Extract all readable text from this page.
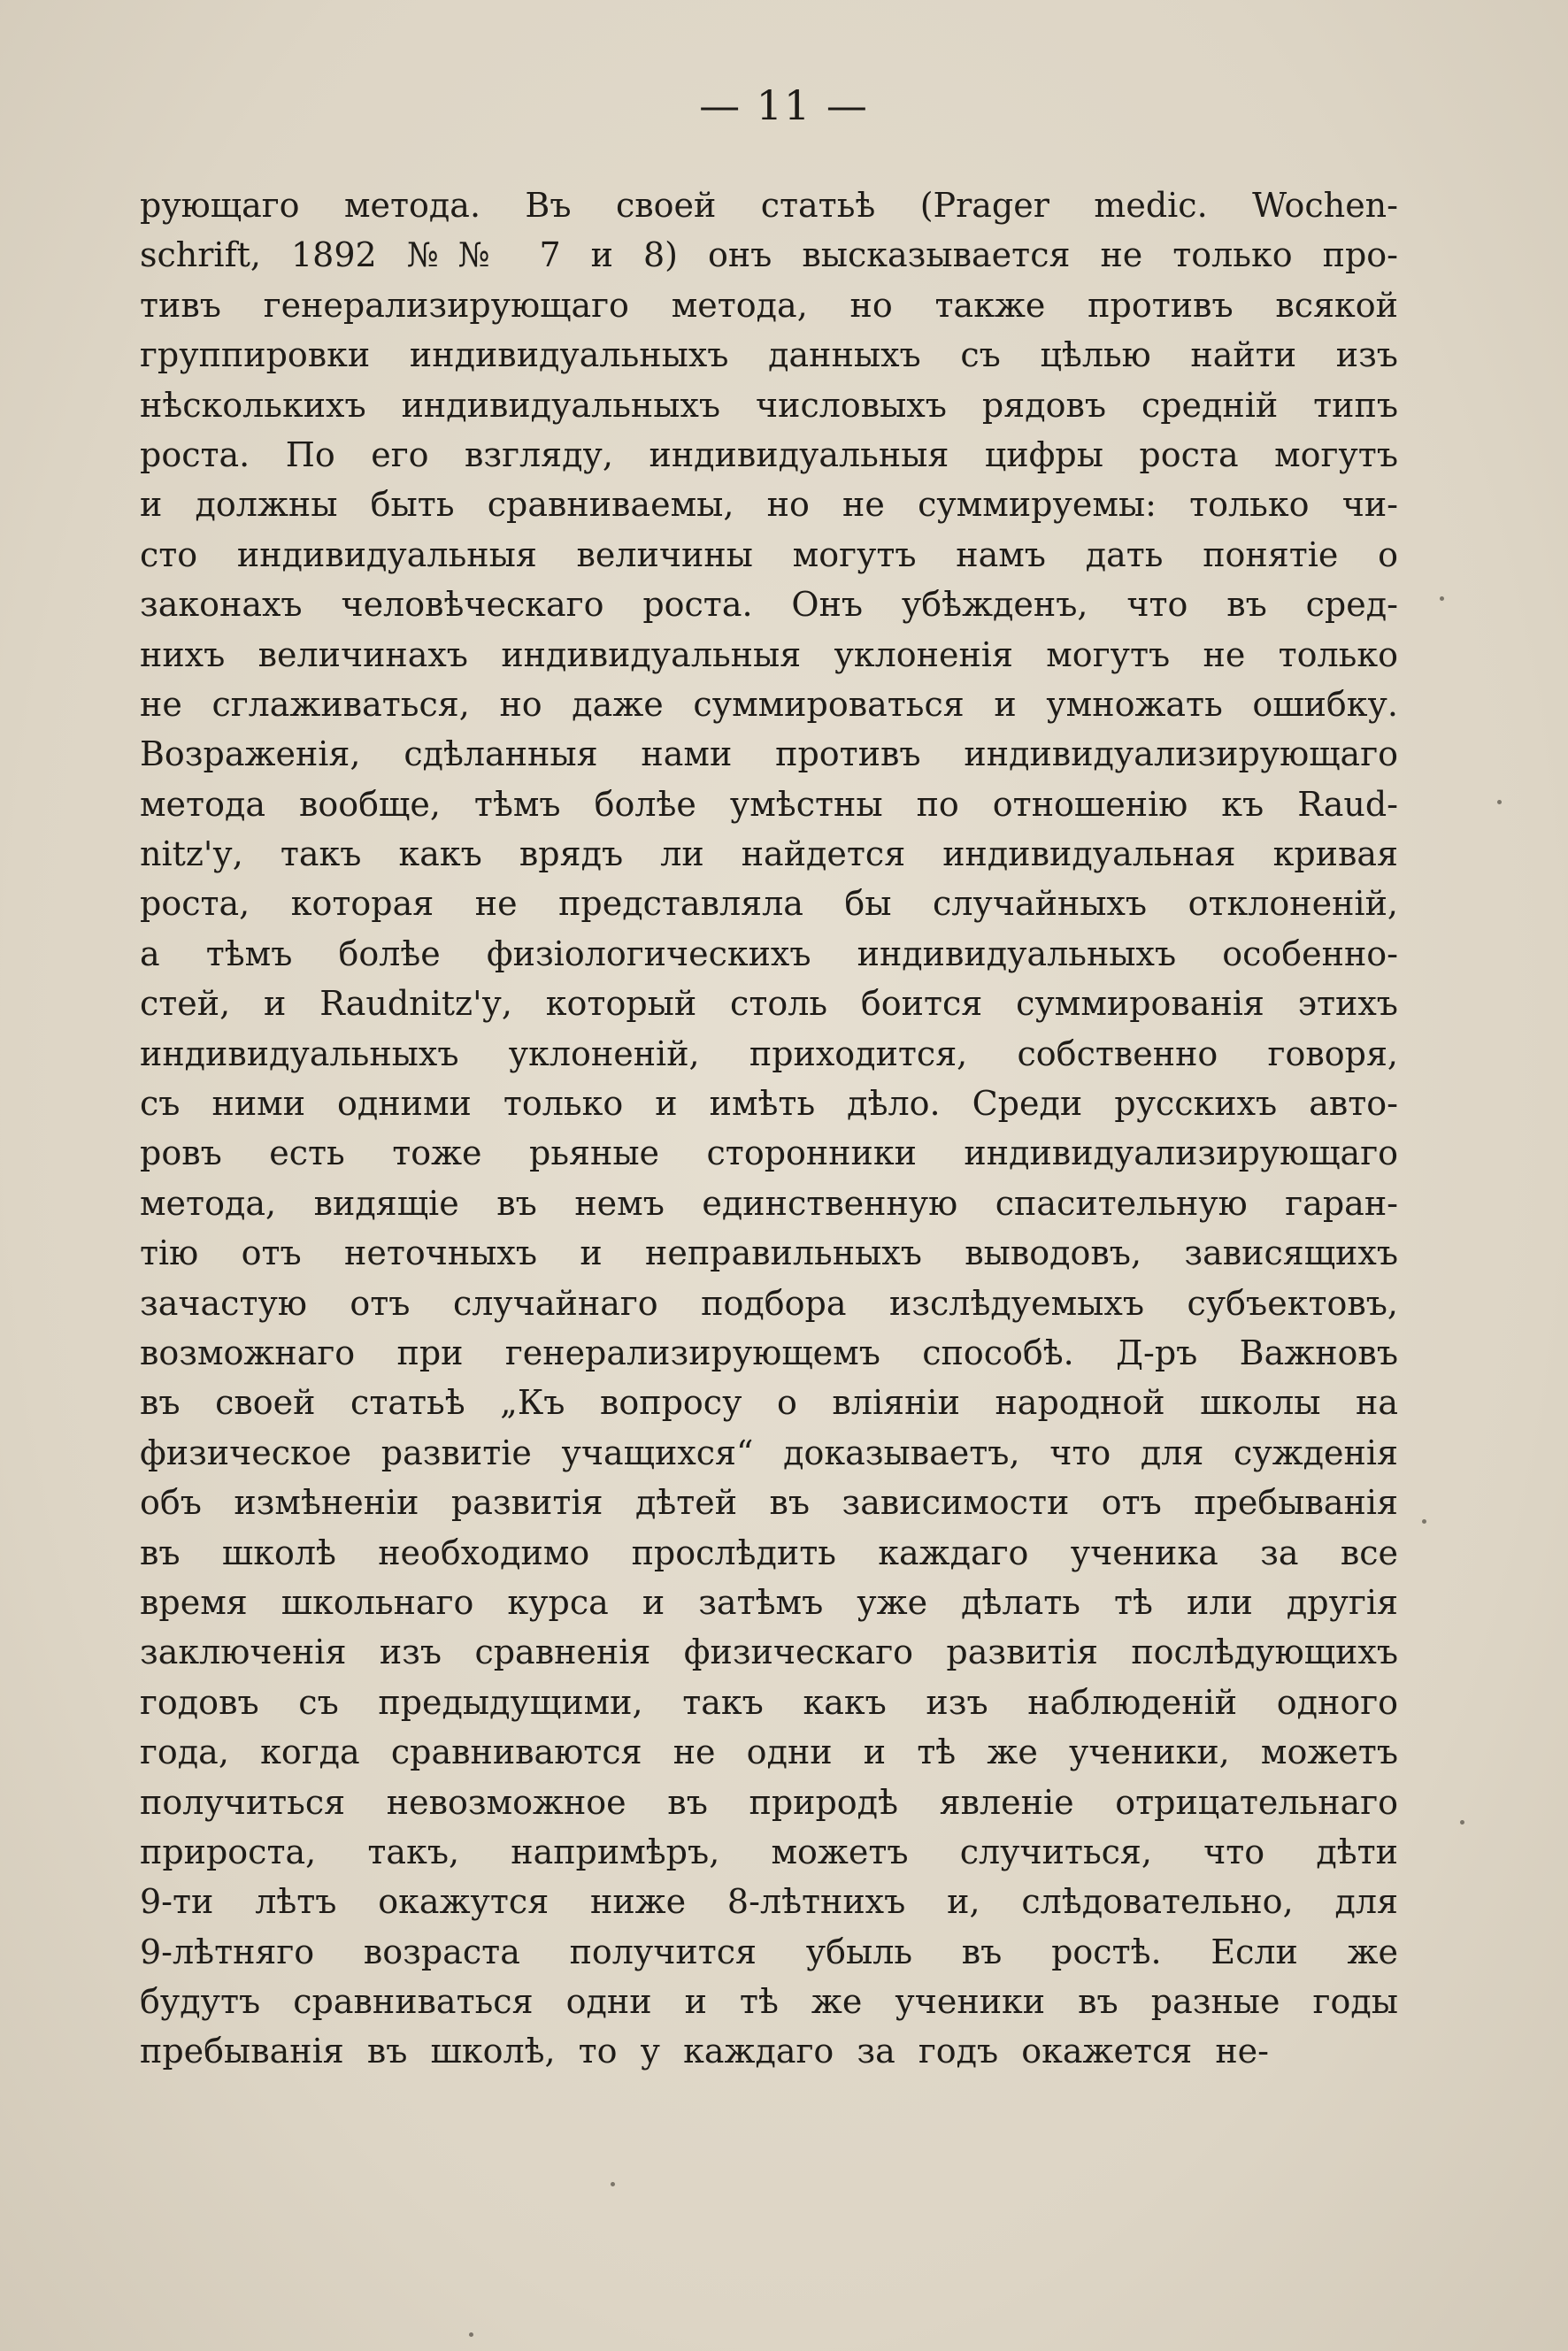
— 11 —
рующаго метода. Въ своей статьѣ (Prager medic. Wochen-
schrift, 1892 №№ 7 и 8) онъ высказывается не только про-
тивъ генерализирующаго метода, но также противъ всякой
группировки индивидуальныхъ данныхъ съ цѣлью найти изъ
нѣсколькихъ индивидуальныхъ числовыхъ рядовъ средній типъ
роста. По его взгляду, индивидуальныя цифры роста могутъ
и должны быть сравниваемы, но не суммируемы: только чи-
сто индивидуальныя величины могутъ намъ дать понятіе о
законахъ человѣческаго роста. Онъ убѣжденъ, что въ сред-
нихъ величинахъ индивидуальныя уклоненія могутъ не только
не сглаживаться, но даже суммироваться и умножать ошибку.
Возраженія, сдѣланныя нами противъ индивидуализирующаго
метода вообще, тѣмъ болѣе умѣстны по отношенію къ Raud-
nitz'у, такъ какъ врядъ ли найдется индивидуальная кривая
роста, которая не представляла бы случайныхъ отклоненій,
а тѣмъ болѣе физіологическихъ индивидуальныхъ особенно-
стей, и Raudnitz'у, который столь боится суммированія этихъ
индивидуальныхъ уклоненій, приходится, собственно говоря,
съ ними одними только и имѣть дѣло. Среди русскихъ авто-
ровъ есть тоже рьяные сторонники индивидуализирующаго
метода, видящіе въ немъ единственную спасительную гаран-
тію отъ неточныхъ и неправильныхъ выводовъ, зависящихъ
зачастую отъ случайнаго подбора изслѣдуемыхъ субъектовъ,
возможнаго при генерализирующемъ способѣ. Д-ръ Важновъ
въ своей статьѣ „Къ вопросу о вліяніи народной школы на
физическое развитіе учащихся“ доказываетъ, что для сужденія
объ измѣненіи развитія дѣтей въ зависимости отъ пребыванія
въ школѣ необходимо прослѣдить каждаго ученика за все
время школьнаго курса и затѣмъ уже дѣлать тѣ или другія
заключенія изъ сравненія физическаго развитія послѣдующихъ
годовъ съ предыдущими, такъ какъ изъ наблюденій одного
года, когда сравниваются не одни и тѣ же ученики, можетъ
получиться невозможное въ природѣ явленіе отрицательнаго
прироста, такъ, напримѣръ, можетъ случиться, что дѣти
9-ти лѣтъ окажутся ниже 8-лѣтнихъ и, слѣдовательно, для
9-лѣтняго возраста получится убыль въ ростѣ. Если же
будутъ сравниваться одни и тѣ же ученики въ разные годы
пребыванія въ школѣ, то у каждаго за годъ окажется не-
